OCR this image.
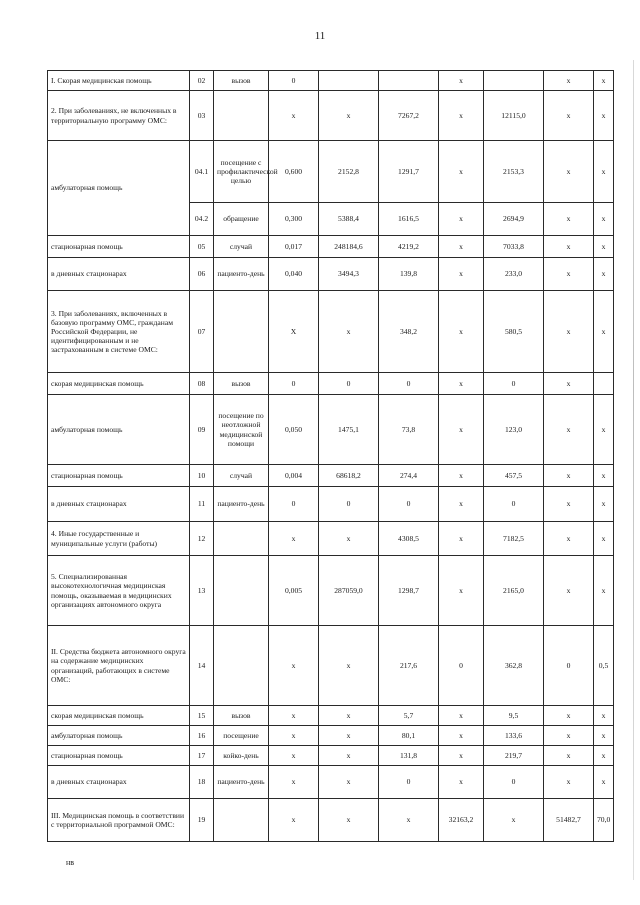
11
I. Скорая медицинская помощь	02	вызов	0			x		x	x
2. При заболеваниях, не включенных в территориальную программу ОМС:	03		x	x	7267,2	x	12115,0	x	x
амбулаторная помощь	04.1	посещение с профилактической целью	0,600	2152,8	1291,7	x	2153,3	x	x
	04.2	обращение	0,300	5388,4	1616,5	x	2694,9	x	x
стационарная помощь	05	случай	0,017	248184,6	4219,2	x	7033,8	x	x
в дневных стационарах	06	пациенто-день	0,040	3494,3	139,8	x	233,0	x	x
3. При заболеваниях, включенных в базовую программу ОМС, гражданам Российской Федерации, не идентифицированным и не застрахованным в системе ОМС:	07		X	x	348,2	x	580,5	x	x
скорая медицинская помощь	08	вызов	0	0	0	x	0	x	
амбулаторная помощь	09	посещение по неотложной медицинской помощи	0,050	1475,1	73,8	x	123,0	x	x
стационарная помощь	10	случай	0,004	68618,2	274,4	x	457,5	x	x
в дневных стационарах	11	пациенто-день	0	0	0	x	0	x	x
4. Иные государственные и муниципальные услуги (работы)	12		x	x	4308,5	x	7182,5	x	x
5. Специализированная высокотехнологичная медицинская помощь, оказываемая в медицинских организациях автономного округа	13		0,005	287059,0	1298,7	x	2165,0	x	x
II. Средства бюджета автономного округа на содержание медицинских организаций, работающих в системе ОМС:	14		x	x	217,6	0	362,8	0	0,5
скорая медицинская помощь	15	вызов	x	x	5,7	x	9,5	x	x
амбулаторная помощь	16	посещение	x	x	80,1	x	133,6	x	x
стационарная помощь	17	койко-день	x	x	131,8	x	219,7	x	x
в дневных стационарах	18	пациенто-день	x	x	0	x	0	x	x
III. Медицинская помощь в соответствии с территориальной программой ОМС:	19		x	x	x	32163,2	x	51482,7	70,0
нв
